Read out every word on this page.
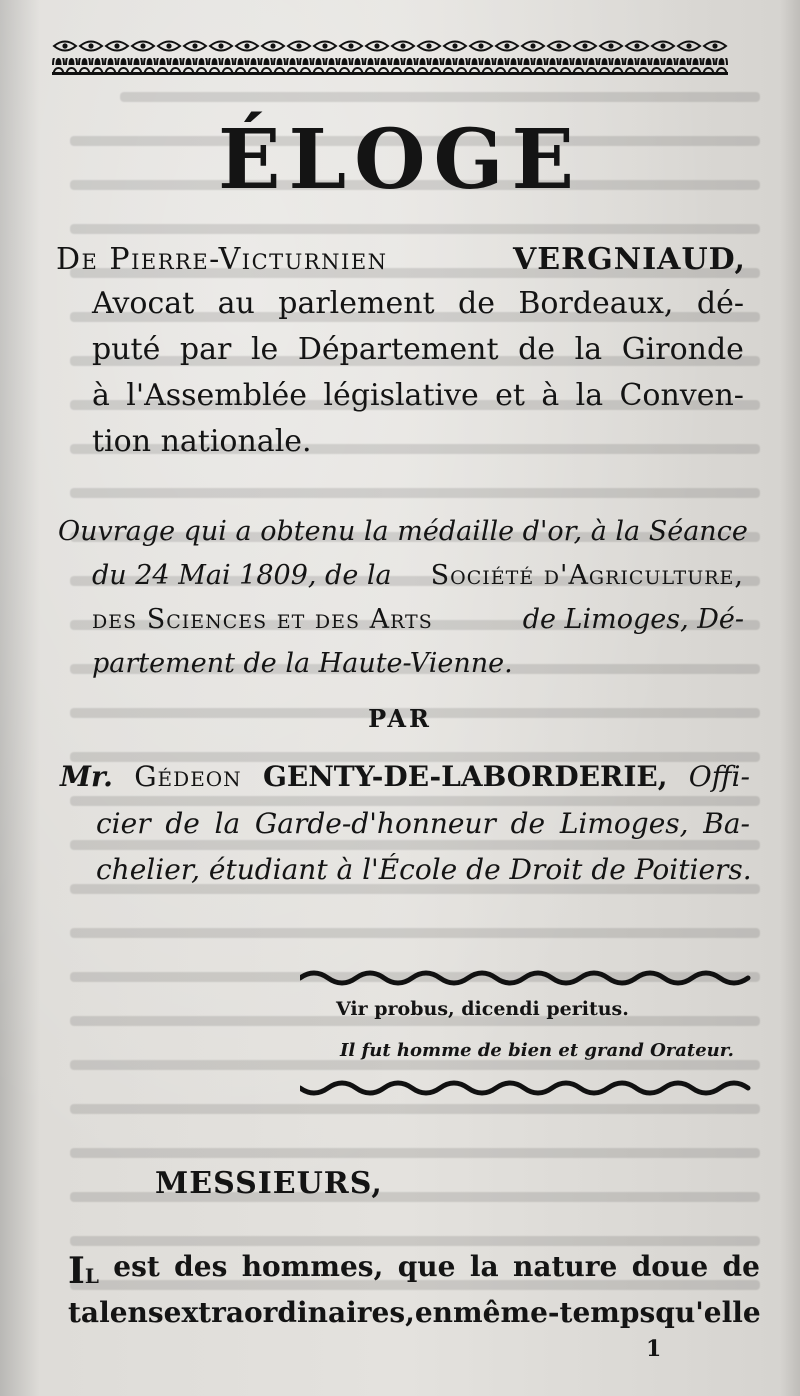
ÉLOGE
De Pierre-Victurnien	VERGNIAUD,
Avocat au parlement de Bordeaux, dé-
puté par le Département de la Gironde
à l'Assemblée législative et à la Conven-
tion nationale.
Ouvrage qui a obtenu la médaille d'or, à la Séance
du 24 Mai 1809, de la Société d'Agriculture,
des Sciences et des Arts	de Limoges, Dé-
partement de la Haute-Vienne.
PAR
Mr. Gédeon GENTY-DE-LABORDERIE, Offi-
cier de la Garde-d'honneur de Limoges, Ba-
chelier, étudiant à l'École de Droit de Poitiers.
Vir probus, dicendi peritus.
Il fut homme de bien et grand Orateur.
MESSIEURS,
Il est des hommes, que la nature doue de
talens extraordinaires, en même-temps qu'elle
1
